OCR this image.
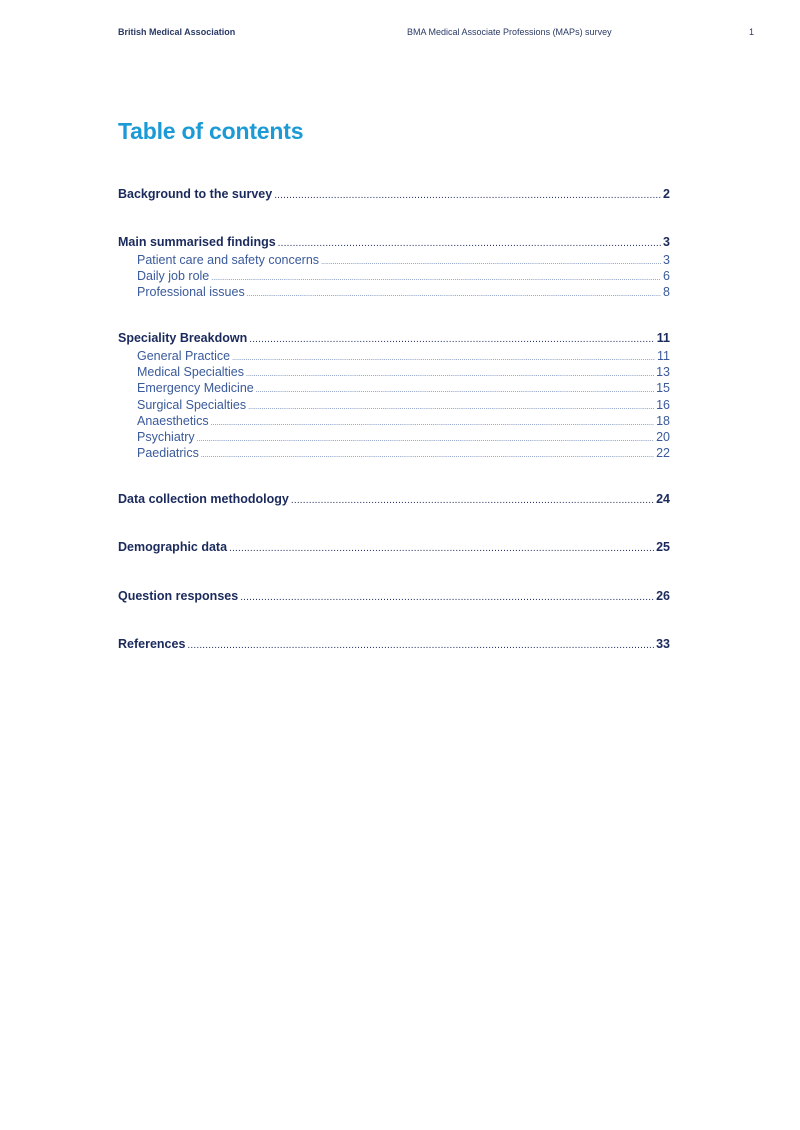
British Medical Association	BMA Medical Associate Professions (MAPs) survey	1
Table of contents
Background to the survey .....	2
Main summarised findings .....	3
Patient care and safety concerns .....	3
Daily job role .....	6
Professional issues .....	8
Speciality Breakdown .....	11
General Practice .....	11
Medical Specialties .....	13
Emergency Medicine .....	15
Surgical Specialties .....	16
Anaesthetics .....	18
Psychiatry .....	20
Paediatrics .....	22
Data collection methodology .....	24
Demographic data .....	25
Question responses .....	26
References .....	33
